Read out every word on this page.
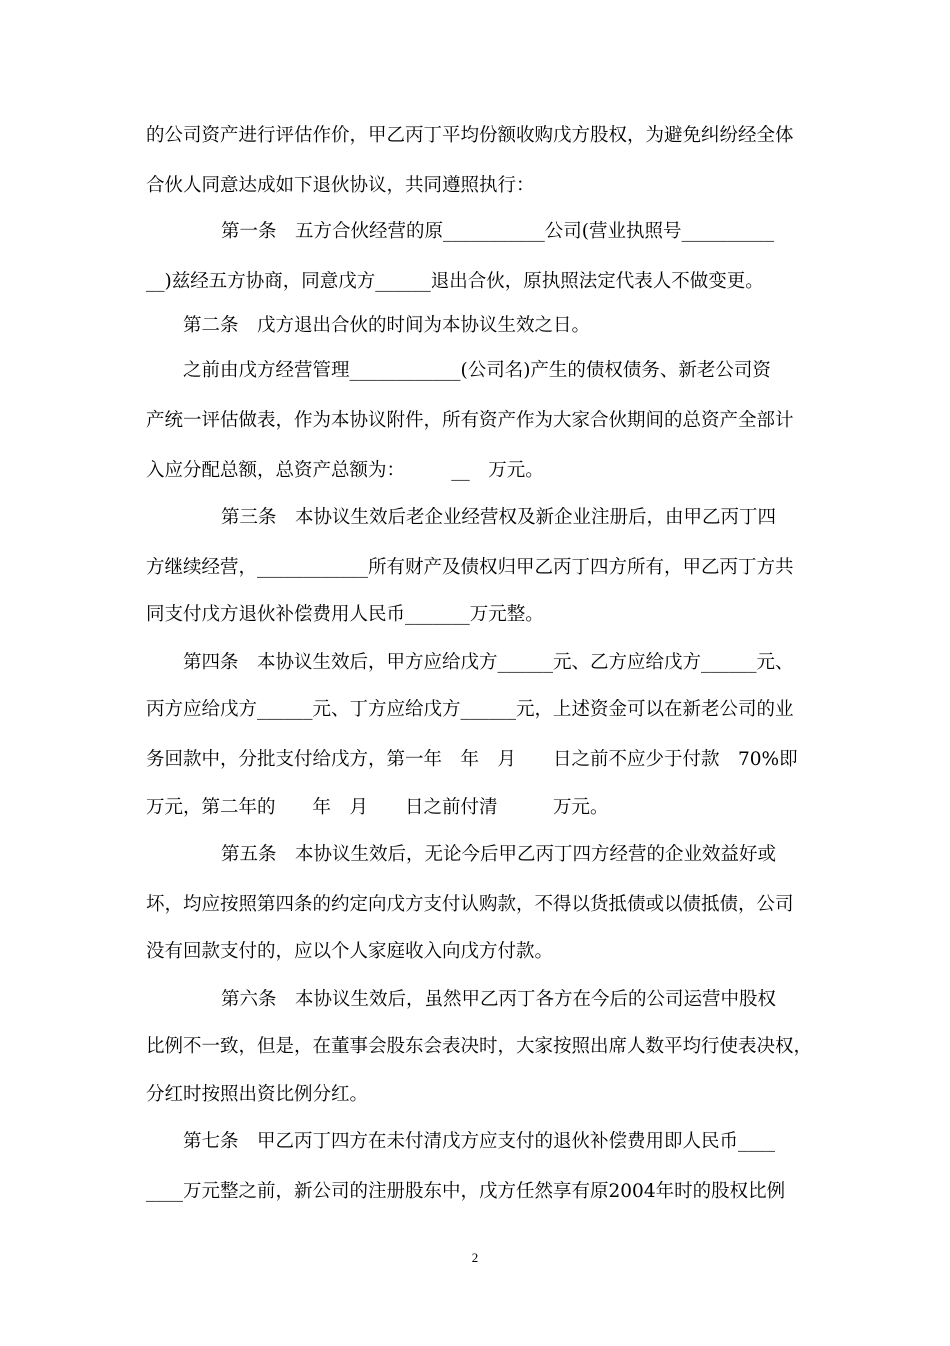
的公司资产进行评估作价，甲乙丙丁平均份额收购戊方股权，为避免纠纷经全体
合伙人同意达成如下退伙协议，共同遵照执行：
第一条　五方合伙经营的原___________公司(营业执照号__________
__)兹经五方协商，同意戊方______退出合伙，原执照法定代表人不做变更。
第二条　戊方退出合伙的时间为本协议生效之日。
之前由戊方经营管理____________(公司名)产生的债权债务、新老公司资
产统一评估做表，作为本协议附件，所有资产作为大家合伙期间的总资产全部计
入应分配总额，总资产总额为：　　　__　万元。
第三条　本协议生效后老企业经营权及新企业注册后，由甲乙丙丁四
方继续经营，____________所有财产及债权归甲乙丙丁四方所有，甲乙丙丁方共
同支付戊方退伙补偿费用人民币_______万元整。
第四条　本协议生效后，甲方应给戊方______元、乙方应给戊方______元、
丙方应给戊方______元、丁方应给戊方______元，上述资金可以在新老公司的业
务回款中，分批支付给戊方，第一年　年　月　　日之前不应少于付款　70%即
万元，第二年的　　年　月　　日之前付清　　　万元。
第五条　本协议生效后，无论今后甲乙丙丁四方经营的企业效益好或
坏，均应按照第四条的约定向戊方支付认购款，不得以货抵债或以债抵债，公司
没有回款支付的，应以个人家庭收入向戊方付款。
第六条　本协议生效后，虽然甲乙丙丁各方在今后的公司运营中股权
比例不一致，但是，在董事会股东会表决时，大家按照出席人数平均行使表决权，
分红时按照出资比例分红。
第七条　甲乙丙丁四方在未付清戊方应支付的退伙补偿费用即人民币____
____万元整之前，新公司的注册股东中，戊方任然享有原2004年时的股权比例
2
